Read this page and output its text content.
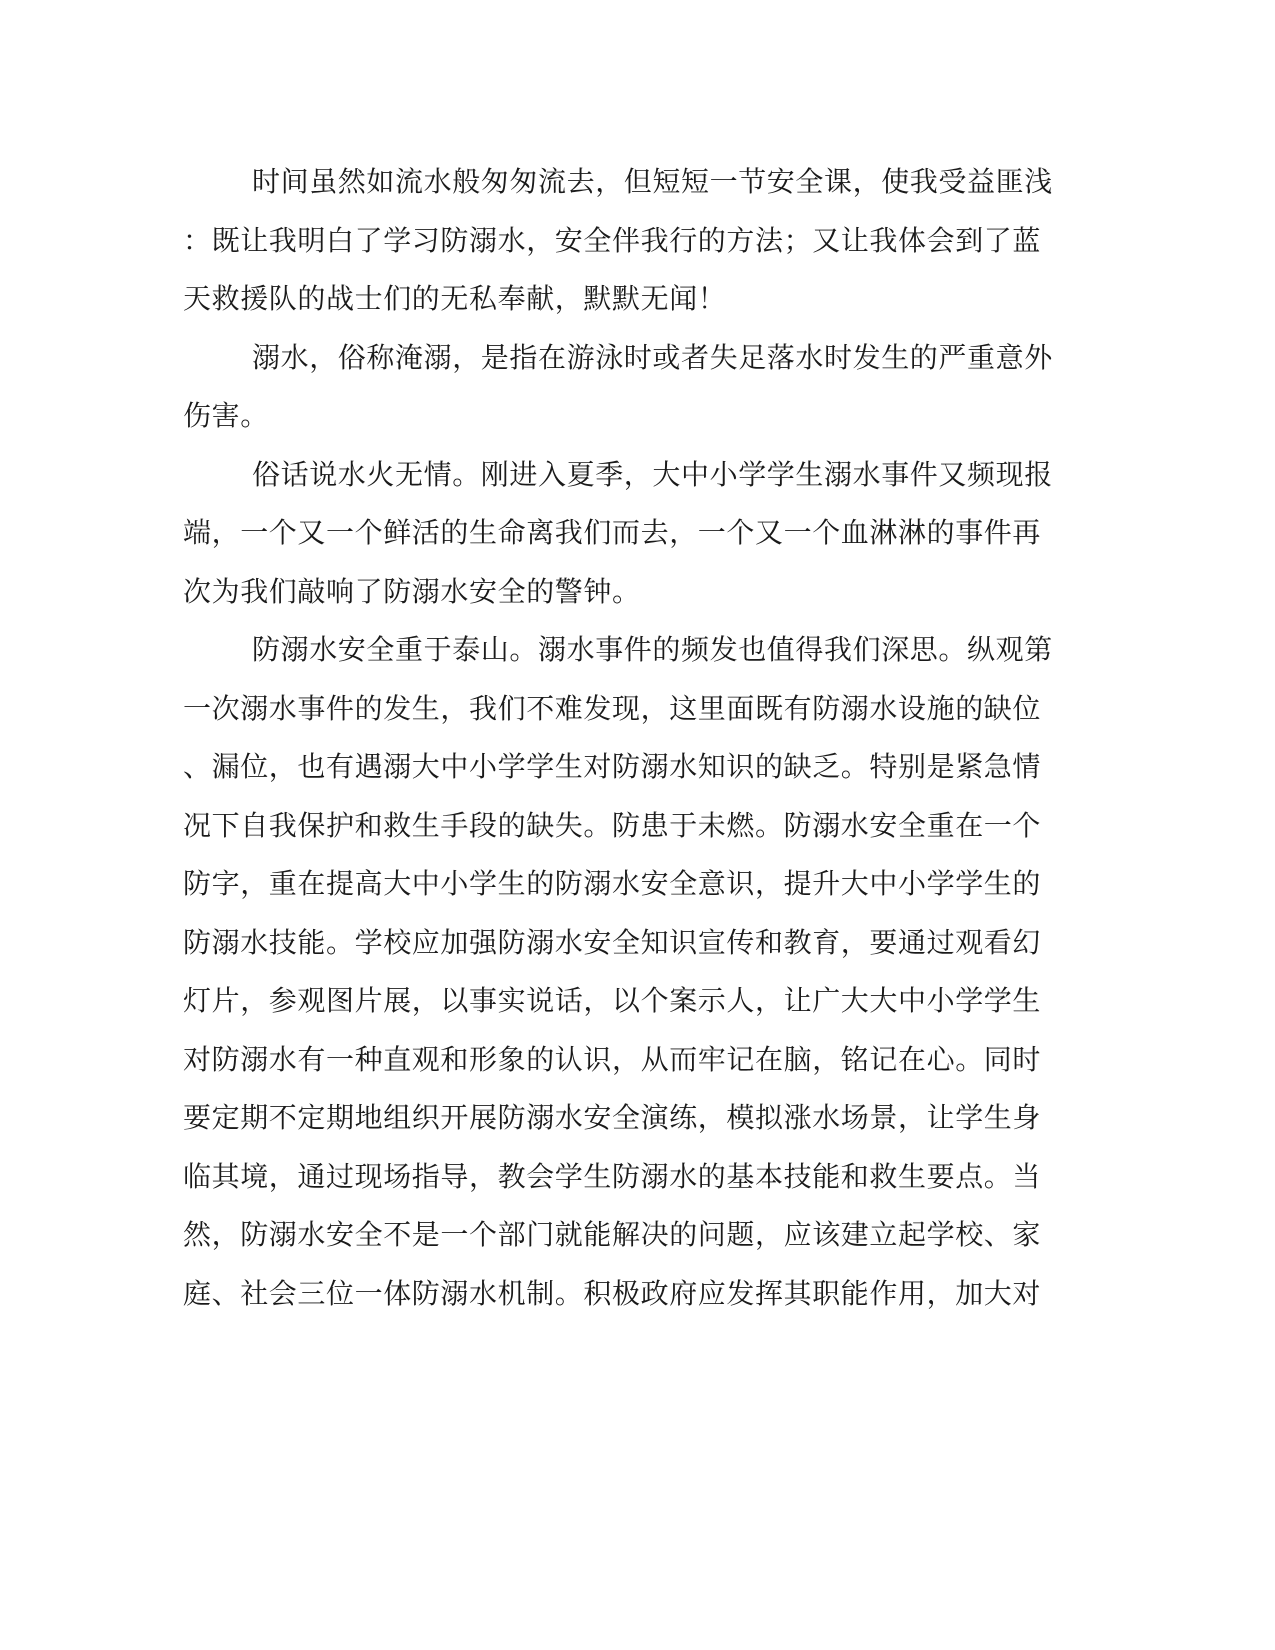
时间虽然如流水般匆匆流去，但短短一节安全课，使我受益匪浅
：既让我明白了学习防溺水，安全伴我行的方法；又让我体会到了蓝
天救援队的战士们的无私奉献，默默无闻！
溺水，俗称淹溺，是指在游泳时或者失足落水时发生的严重意外
伤害。
俗话说水火无情。刚进入夏季，大中小学学生溺水事件又频现报
端，一个又一个鲜活的生命离我们而去，一个又一个血淋淋的事件再
次为我们敲响了防溺水安全的警钟。
防溺水安全重于泰山。溺水事件的频发也值得我们深思。纵观第
一次溺水事件的发生，我们不难发现，这里面既有防溺水设施的缺位
、漏位，也有遇溺大中小学学生对防溺水知识的缺乏。特别是紧急情
况下自我保护和救生手段的缺失。防患于未燃。防溺水安全重在一个
防字，重在提高大中小学生的防溺水安全意识，提升大中小学学生的
防溺水技能。学校应加强防溺水安全知识宣传和教育，要通过观看幻
灯片，参观图片展，以事实说话，以个案示人，让广大大中小学学生
对防溺水有一种直观和形象的认识，从而牢记在脑，铭记在心。同时
要定期不定期地组织开展防溺水安全演练，模拟涨水场景，让学生身
临其境，通过现场指导，教会学生防溺水的基本技能和救生要点。当
然，防溺水安全不是一个部门就能解决的问题，应该建立起学校、家
庭、社会三位一体防溺水机制。积极政府应发挥其职能作用，加大对
